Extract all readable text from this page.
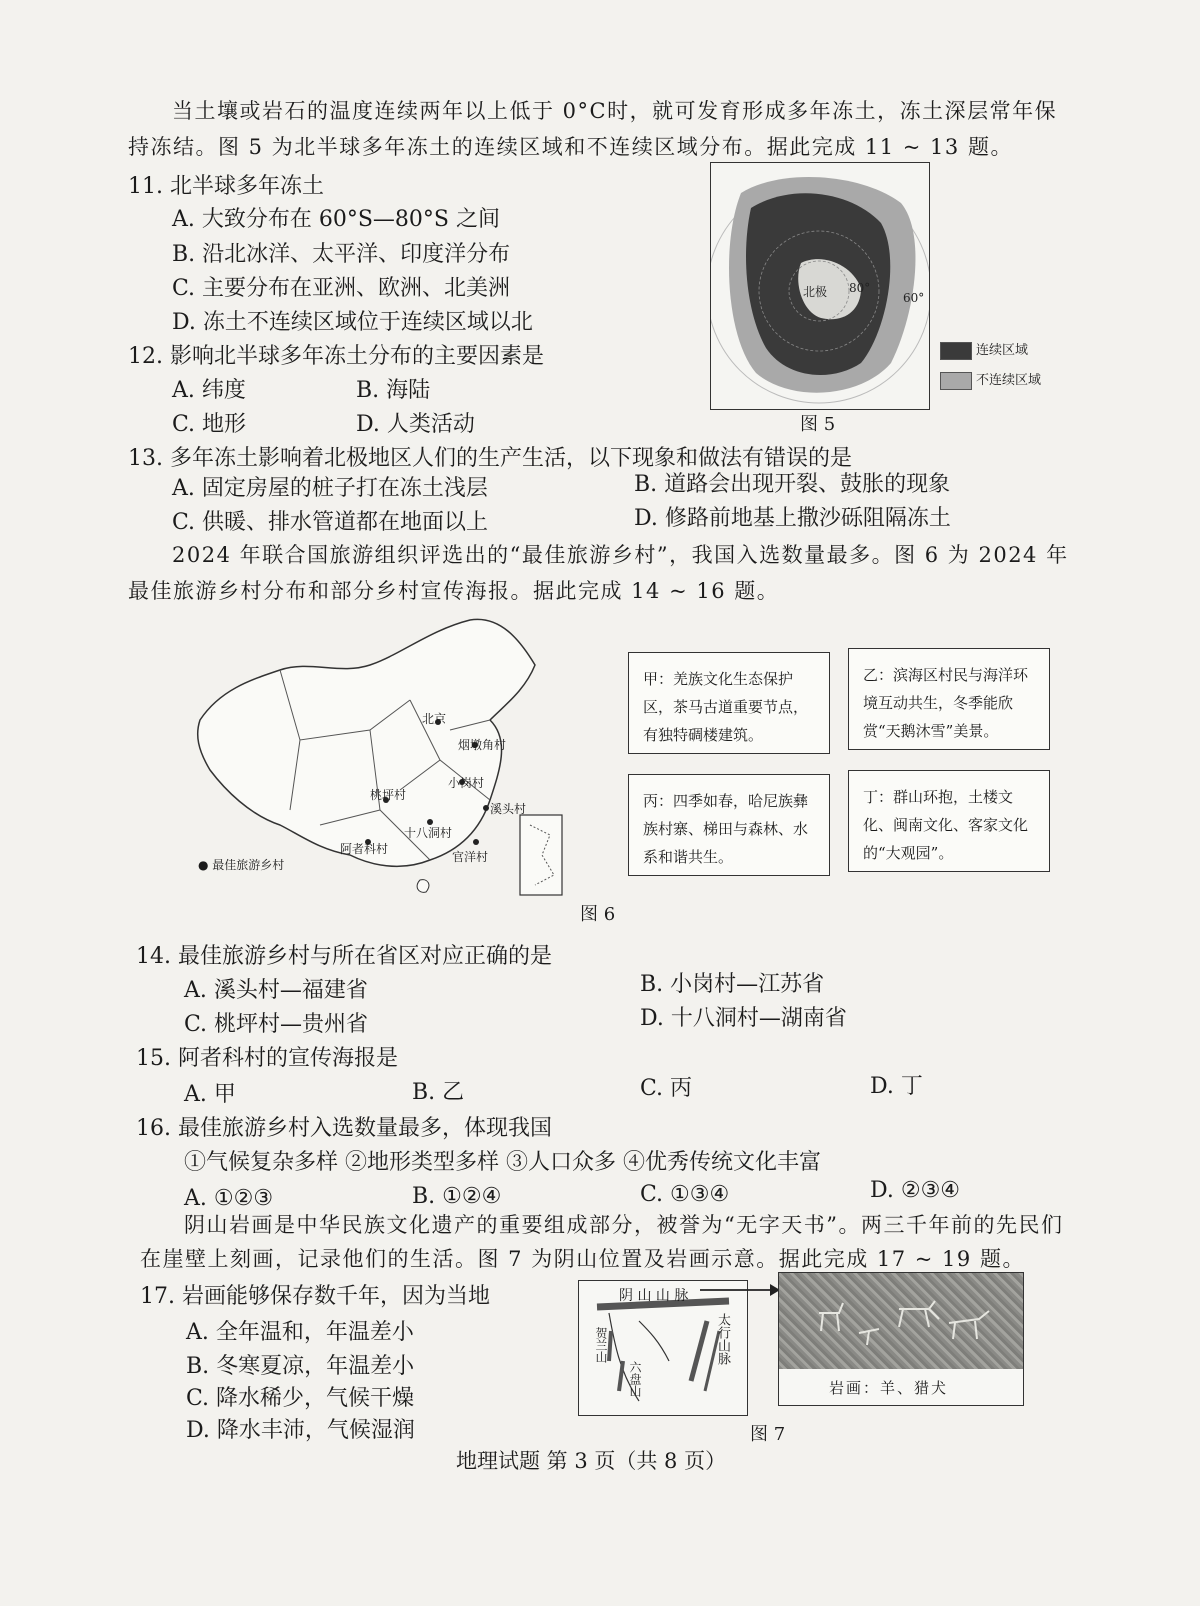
当土壤或岩石的温度连续两年以上低于 0°C时，就可发育形成多年冻土，冻土深层常年保
持冻结。图 5 为北半球多年冻土的连续区域和不连续区域分布。据此完成 11 ~ 13 题。
11. 北半球多年冻土
A. 大致分布在 60°S—80°S 之间
B. 沿北冰洋、太平洋、印度洋分布
C. 主要分布在亚洲、欧洲、北美洲
D. 冻土不连续区域位于连续区域以北
12. 影响北半球多年冻土分布的主要因素是
A. 纬度	B. 海陆
C. 地形	D. 人类活动
北极 80°
60°
连续区域
不连续区域
图 5
13. 多年冻土影响着北极地区人们的生产生活，以下现象和做法有错误的是
A. 固定房屋的桩子打在冻土浅层	B. 道路会出现开裂、鼓胀的现象
C. 供暖、排水管道都在地面以上	D. 修路前地基上撒沙砾阻隔冻土
2024 年联合国旅游组织评选出的“最佳旅游乡村”，我国入选数量最多。图 6 为 2024 年
最佳旅游乡村分布和部分乡村宣传海报。据此完成 14 ~ 16 题。
北京
烟墩角村
小岗村
桃坪村
溪头村
十八洞村
阿者科村
官洋村
● 最佳旅游乡村
甲：羌族文化生态保护区，茶马古道重要节点，有独特碉楼建筑。
乙：滨海区村民与海洋环境互动共生，冬季能欣赏“天鹅沐雪”美景。
丙：四季如春，哈尼族彝族村寨、梯田与森林、水系和谐共生。
丁：群山环抱，土楼文化、闽南文化、客家文化的“大观园”。
图 6
14. 最佳旅游乡村与所在省区对应正确的是
A. 溪头村—福建省	B. 小岗村—江苏省
C. 桃坪村—贵州省	D. 十八洞村—湖南省
15. 阿者科村的宣传海报是
A. 甲	B. 乙	C. 丙	D. 丁
16. 最佳旅游乡村入选数量最多，体现我国
①气候复杂多样 ②地形类型多样 ③人口众多 ④优秀传统文化丰富
A. ①②③	B. ①②④	C. ①③④	D. ②③④
阴山岩画是中华民族文化遗产的重要组成部分，被誉为“无字天书”。两三千年前的先民们
在崖壁上刻画，记录他们的生活。图 7 为阴山位置及岩画示意。据此完成 17 ~ 19 题。
17. 岩画能够保存数千年，因为当地
A. 全年温和，年温差小
B. 冬寒夏凉，年温差小
C. 降水稀少，气候干燥
D. 降水丰沛，气候湿润
阴 山 山 脉
贺兰山
六盘山
太行山脉
岩画：羊、猎犬
图 7
地理试题 第 3 页（共 8 页）
